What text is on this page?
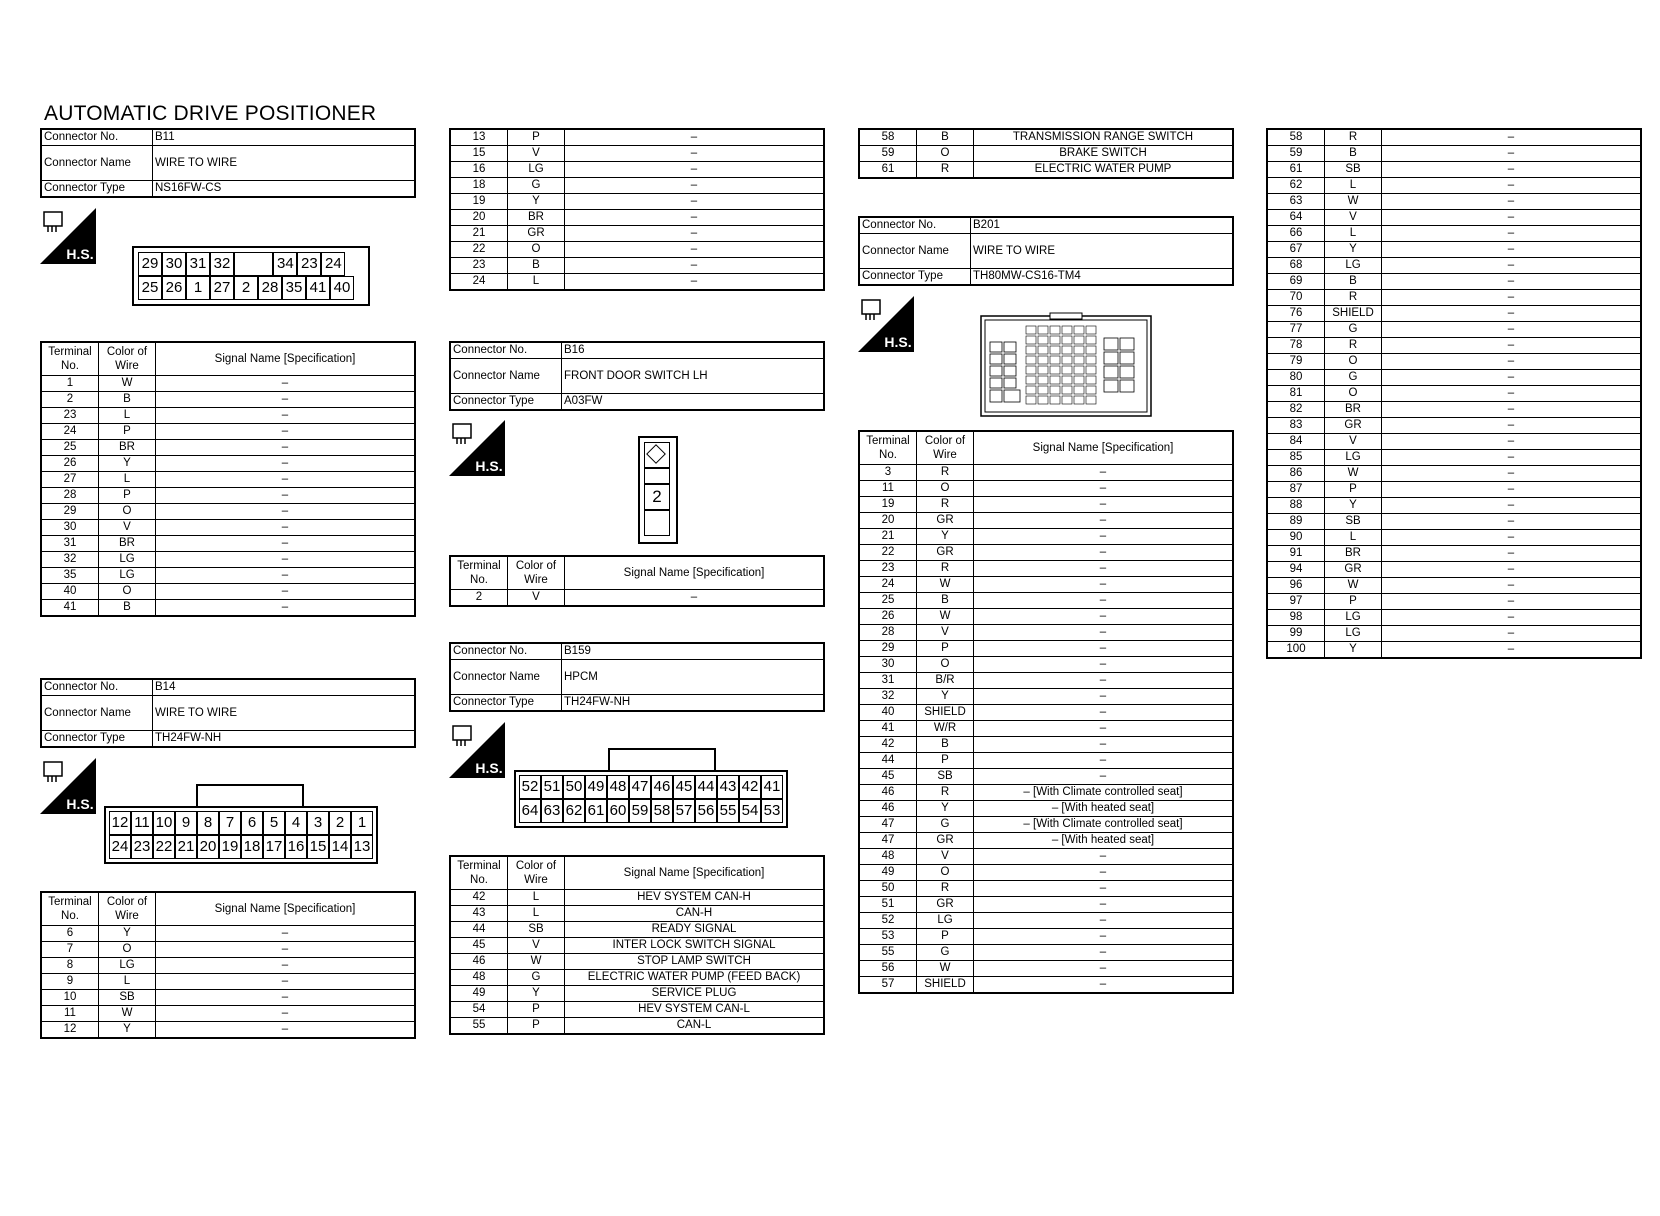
AUTOMATIC DRIVE POSITIONER
Connector No.	B11
Connector Name	WIRE TO WIRE
Connector Type	NS16FW-CS
H.S.
29 30 31 32	34 23 24
25 26 1 27 2 28 35 41 40
Terminal No.	Color of Wire	Signal Name [Specification]
1	W	–
2	B	–
23	L	–
24	P	–
25	BR	–
26	Y	–
27	L	–
28	P	–
29	O	–
30	V	–
31	BR	–
32	LG	–
35	LG	–
40	O	–
41	B	–
Connector No.	B14
Connector Name	WIRE TO WIRE
Connector Type	TH24FW-NH
H.S.
12 11 10 9 8 7 6 5 4 3 2 1
24 23 22 21 20 19 18 17 16 15 14 13
Terminal No.	Color of Wire	Signal Name [Specification]
6	Y	–
7	O	–
8	LG	–
9	L	–
10	SB	–
11	W	–
12	Y	–
13	P	–
15	V	–
16	LG	–
18	G	–
19	Y	–
20	BR	–
21	GR	–
22	O	–
23	B	–
24	L	–
Connector No.	B16
Connector Name	FRONT DOOR SWITCH LH
Connector Type	A03FW
H.S.
2
Terminal No.	Color of Wire	Signal Name [Specification]
2	V	–
Connector No.	B159
Connector Name	HPCM
Connector Type	TH24FW-NH
H.S.
52 51 50 49 48 47 46 45 44 43 42 41
64 63 62 61 60 59 58 57 56 55 54 53
Terminal No.	Color of Wire	Signal Name [Specification]
42	L	HEV SYSTEM CAN-H
43	L	CAN-H
44	SB	READY SIGNAL
45	V	INTER LOCK SWITCH SIGNAL
46	W	STOP LAMP SWITCH
48	G	ELECTRIC WATER PUMP (FEED BACK)
49	Y	SERVICE PLUG
54	P	HEV SYSTEM CAN-L
55	P	CAN-L
58	B	TRANSMISSION RANGE SWITCH
59	O	BRAKE SWITCH
61	R	ELECTRIC WATER PUMP
Connector No.	B201
Connector Name	WIRE TO WIRE
Connector Type	TH80MW-CS16-TM4
H.S.
Terminal No.	Color of Wire	Signal Name [Specification]
3	R	–
11	O	–
19	R	–
20	GR	–
21	Y	–
22	GR	–
23	R	–
24	W	–
25	B	–
26	W	–
28	V	–
29	P	–
30	O	–
31	B/R	–
32	Y	–
40	SHIELD	–
41	W/R	–
42	B	–
44	P	–
45	SB	–
46	R	– [With Climate controlled seat]
46	Y	– [With heated seat]
47	G	– [With Climate controlled seat]
47	GR	– [With heated seat]
48	V	–
49	O	–
50	R	–
51	GR	–
52	LG	–
53	P	–
55	G	–
56	W	–
57	SHIELD	–
58	R	–
59	B	–
61	SB	–
62	L	–
63	W	–
64	V	–
66	L	–
67	Y	–
68	LG	–
69	B	–
70	R	–
76	SHIELD	–
77	G	–
78	R	–
79	O	–
80	G	–
81	O	–
82	BR	–
83	GR	–
84	V	–
85	LG	–
86	W	–
87	P	–
88	Y	–
89	SB	–
90	L	–
91	BR	–
94	GR	–
96	W	–
97	P	–
98	LG	–
99	LG	–
100	Y	–
